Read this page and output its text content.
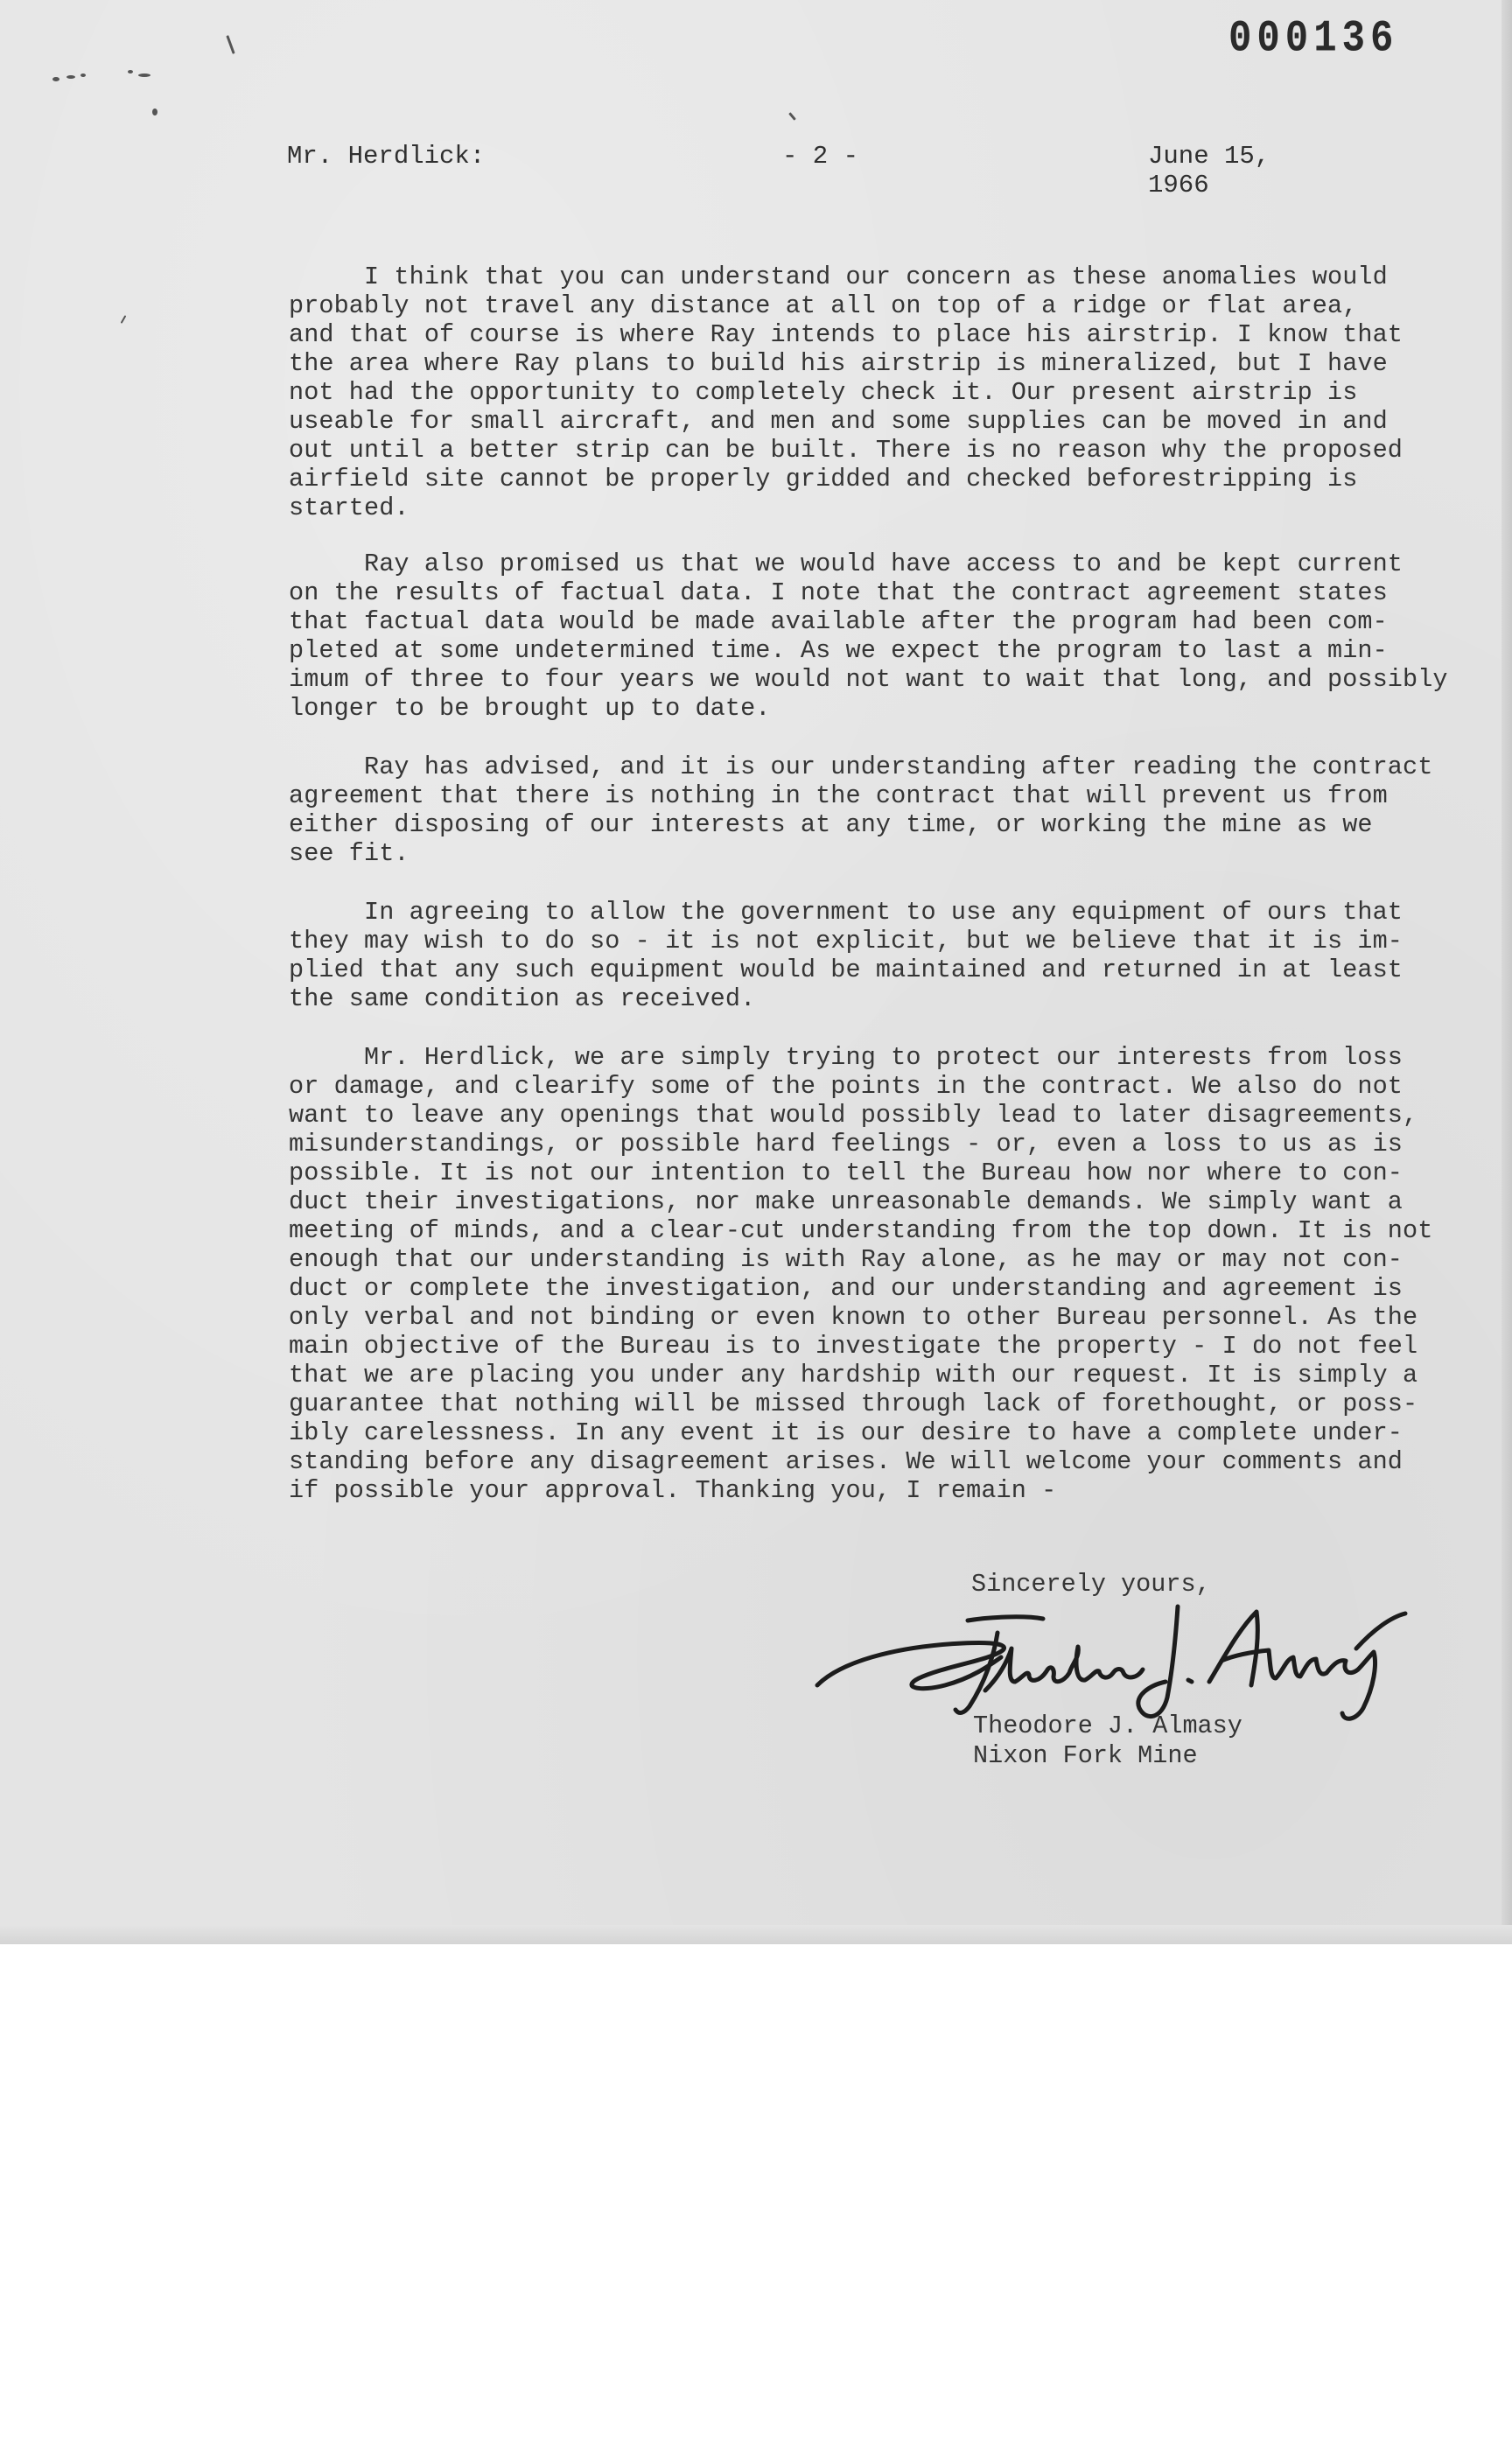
000136
Mr. Herdlick:	- 2 -	June 15, 1966

I think that you can understand our concern as these anomalies would
probably not travel any distance at all on top of a ridge or flat area,
and that of course is where Ray intends to place his airstrip. I know that
the area where Ray plans to build his airstrip is mineralized, but I have
not had the opportunity to completely check it. Our present airstrip is
useable for small aircraft, and men and some supplies can be moved in and
out until a better strip can be built. There is no reason why the proposed
airfield site cannot be properly gridded and checked beforestripping is
started.

Ray also promised us that we would have access to and be kept current
on the results of factual data. I note that the contract agreement states
that factual data would be made available after the program had been com-
pleted at some undetermined time. As we expect the program to last a min-
imum of three to four years we would not want to wait that long, and possibly
longer to be brought up to date.

Ray has advised, and it is our understanding after reading the contract
agreement that there is nothing in the contract that will prevent us from
either disposing of our interests at any time, or working the mine as we
see fit.

In agreeing to allow the government to use any equipment of ours that
they may wish to do so - it is not explicit, but we believe that it is im-
plied that any such equipment would be maintained and returned in at least
the same condition as received.

Mr. Herdlick, we are simply trying to protect our interests from loss
or damage, and clearify some of the points in the contract. We also do not
want to leave any openings that would possibly lead to later disagreements,
misunderstandings, or possible hard feelings - or, even a loss to us as is
possible. It is not our intention to tell the Bureau how nor where to con-
duct their investigations, nor make unreasonable demands. We simply want a
meeting of minds, and a clear-cut understanding from the top down. It is not
enough that our understanding is with Ray alone, as he may or may not con-
duct or complete the investigation, and our understanding and agreement is
only verbal and not binding or even known to other Bureau personnel. As the
main objective of the Bureau is to investigate the property - I do not feel
that we are placing you under any hardship with our request. It is simply a
guarantee that nothing will be missed through lack of forethought, or poss-
ibly carelessness. In any event it is our desire to have a complete under-
standing before any disagreement arises. We will welcome your comments and
if possible your approval. Thanking you, I remain -

Sincerely yours,
Theodore J. Almasy
Nixon Fork Mine
